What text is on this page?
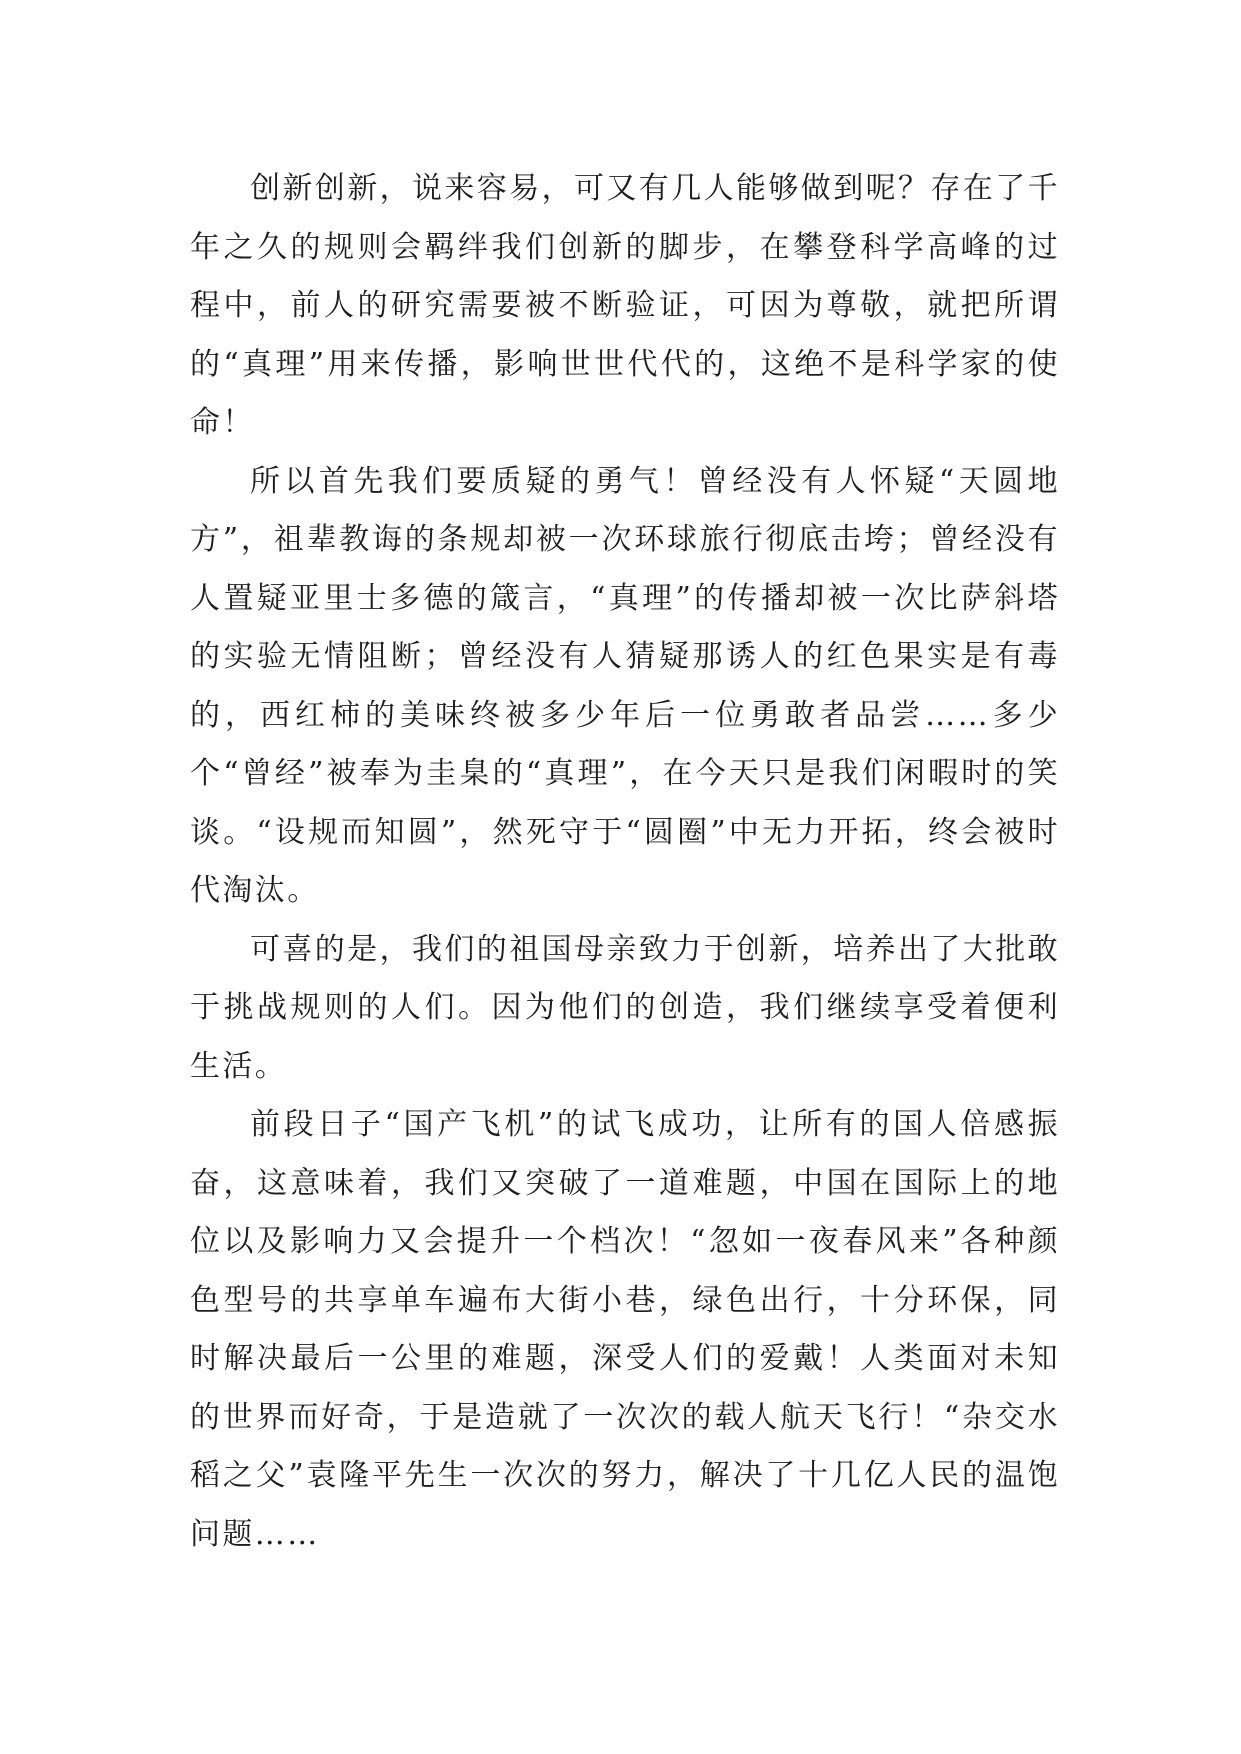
创新创新，说来容易，可又有几人能够做到呢？存在了千年之久的规则会羁绊我们创新的脚步，在攀登科学高峰的过程中，前人的研究需要被不断验证，可因为尊敬，就把所谓的“真理”用来传播，影响世世代代的，这绝不是科学家的使命！

所以首先我们要质疑的勇气！曾经没有人怀疑“天圆地方”，祖辈教诲的条规却被一次环球旅行彻底击垮；曾经没有人置疑亚里士多德的箴言，“真理”的传播却被一次比萨斜塔的实验无情阻断；曾经没有人猜疑那诱人的红色果实是有毒的，西红柿的美味终被多少年后一位勇敢者品尝……多少个“曾经”被奉为圭臬的“真理”，在今天只是我们闲暇时的笑谈。“设规而知圆”，然死守于“圆圈”中无力开拓，终会被时代淘汰。

可喜的是，我们的祖国母亲致力于创新，培养出了大批敢于挑战规则的人们。因为他们的创造，我们继续享受着便利生活。

前段日子“国产飞机”的试飞成功，让所有的国人倍感振奋，这意味着，我们又突破了一道难题，中国在国际上的地位以及影响力又会提升一个档次！“忽如一夜春风来”各种颜色型号的共享单车遍布大街小巷，绿色出行，十分环保，同时解决最后一公里的难题，深受人们的爱戴！人类面对未知的世界而好奇，于是造就了一次次的载人航天飞行！“杂交水稻之父”袁隆平先生一次次的努力，解决了十几亿人民的温饱问题……
